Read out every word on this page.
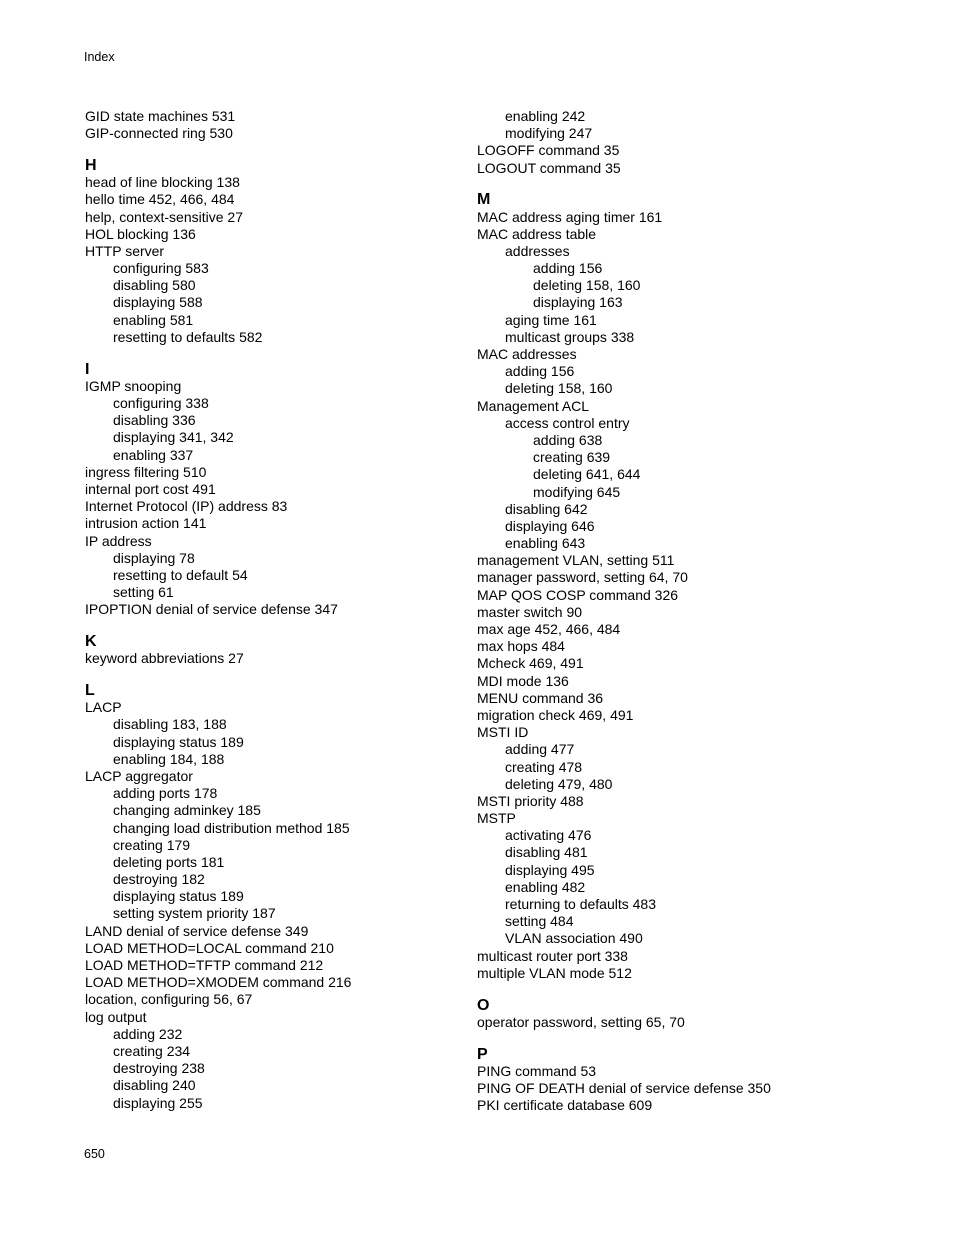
Index
GID state machines 531
GIP-connected ring 530
H
head of line blocking 138
hello time 452, 466, 484
help, context-sensitive 27
HOL blocking 136
HTTP server
configuring 583
disabling 580
displaying 588
enabling 581
resetting to defaults 582
I
IGMP snooping
configuring 338
disabling 336
displaying 341, 342
enabling 337
ingress filtering 510
internal port cost 491
Internet Protocol (IP) address 83
intrusion action 141
IP address
displaying 78
resetting to default 54
setting 61
IPOPTION denial of service defense 347
K
keyword abbreviations 27
L
LACP
disabling 183, 188
displaying status 189
enabling 184, 188
LACP aggregator
adding ports 178
changing adminkey 185
changing load distribution method 185
creating 179
deleting ports 181
destroying 182
displaying status 189
setting system priority 187
LAND denial of service defense 349
LOAD METHOD=LOCAL command 210
LOAD METHOD=TFTP command 212
LOAD METHOD=XMODEM command 216
location, configuring 56, 67
log output
adding 232
creating 234
destroying 238
disabling 240
displaying 255
enabling 242
modifying 247
LOGOFF command 35
LOGOUT command 35
M
MAC address aging timer 161
MAC address table
addresses
adding 156
deleting 158, 160
displaying 163
aging time 161
multicast groups 338
MAC addresses
adding 156
deleting 158, 160
Management ACL
access control entry
adding 638
creating 639
deleting 641, 644
modifying 645
disabling 642
displaying 646
enabling 643
management VLAN, setting 511
manager password, setting 64, 70
MAP QOS COSP command 326
master switch 90
max age 452, 466, 484
max hops 484
Mcheck 469, 491
MDI mode 136
MENU command 36
migration check 469, 491
MSTI ID
adding 477
creating 478
deleting 479, 480
MSTI priority 488
MSTP
activating 476
disabling 481
displaying 495
enabling 482
returning to defaults 483
setting 484
VLAN association 490
multicast router port 338
multiple VLAN mode 512
O
operator password, setting 65, 70
P
PING command 53
PING OF DEATH denial of service defense 350
PKI certificate database 609
650
